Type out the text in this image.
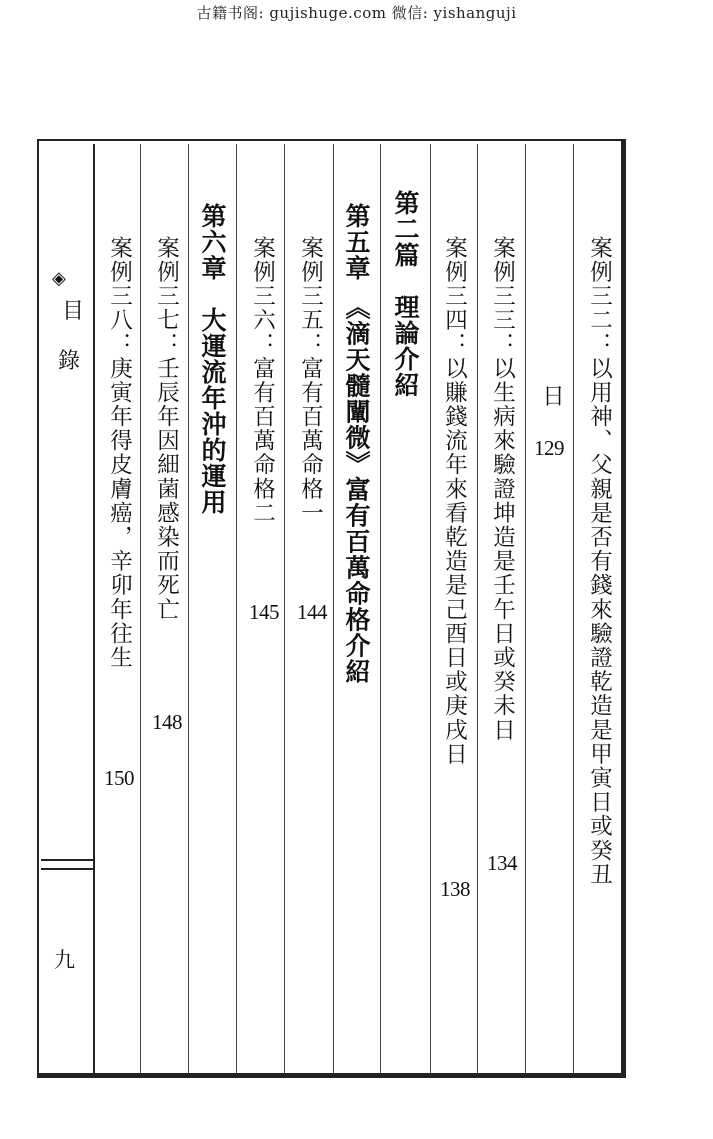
古籍书阁: gujishuge.com 微信: yishanguji
◈
目
錄
九
案例三二：以用神、父親是否有錢來驗證乾造是甲寅日或癸丑
日
129
案例三三：以生病來驗證坤造是壬午日或癸未日
134
案例三四：以賺錢流年來看乾造是己酉日或庚戌日
138
第二篇　理論介紹
第五章　《滴天髓闡微》富有百萬命格介紹
案例三五：富有百萬命格一
144
案例三六：富有百萬命格二
145
第六章　大運流年沖的運用
案例三七：壬辰年因細菌感染而死亡
148
案例三八：庚寅年得皮膚癌，辛卯年往生
150
